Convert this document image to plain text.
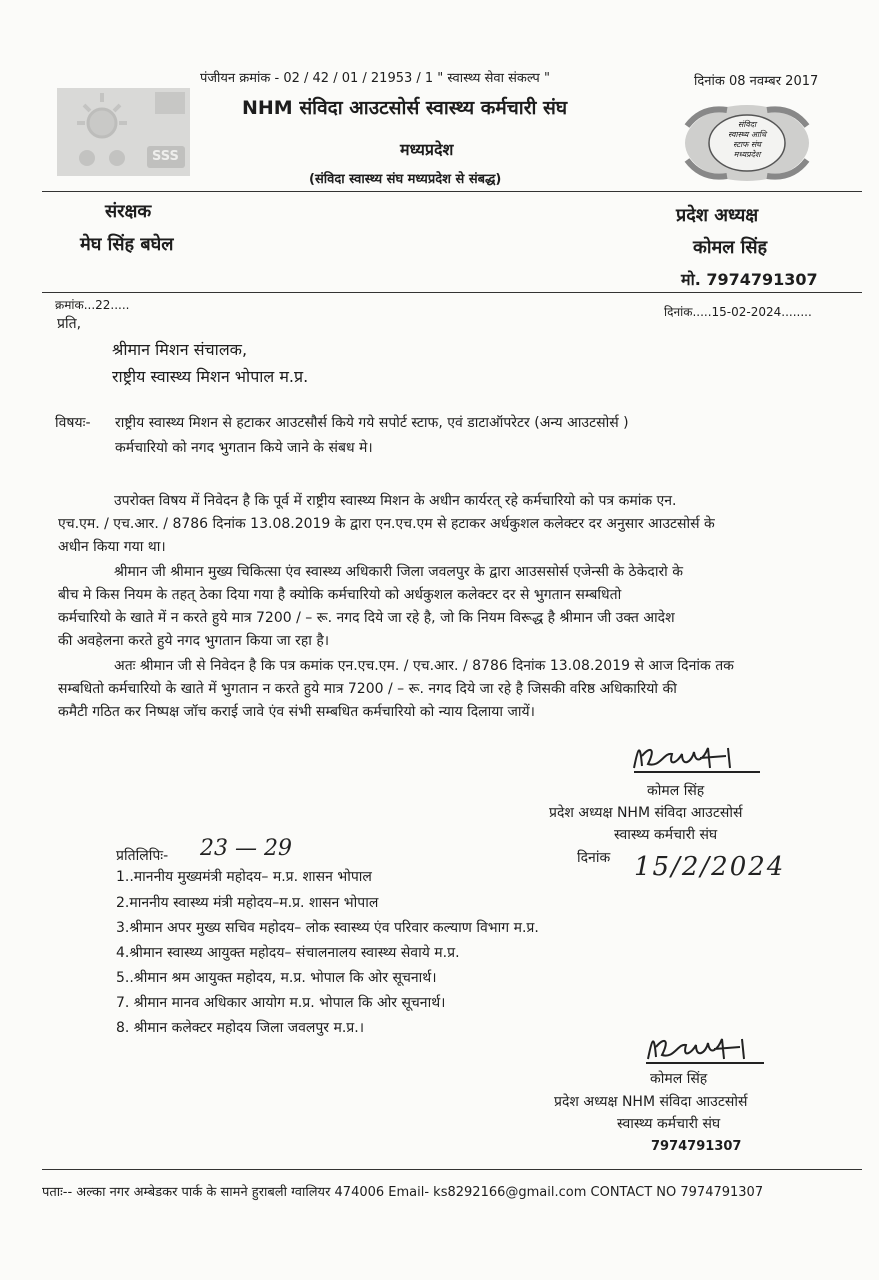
पंजीयन क्रमांक - 02 / 42 / 01 / 21953 / 1 " स्वास्थ्य सेवा संकल्प "	दिनांक 08 नवम्बर 2017
SSS
NHM संविदा आउटसोर्स स्वास्थ्य कर्मचारी संघ
मध्यप्रदेश
(संविदा स्वास्थ्य संघ मध्यप्रदेश से संबद्ध)
संविदा
स्वास्थ्य आधि
स्टाफ संघ
मध्यप्रदेश
संरक्षक
मेघ सिंह बघेल
प्रदेश अध्यक्ष
कोमल सिंह
मो. 7974791307
क्रमांक...22.....	दिनांक.....15-02-2024........
प्रति,
श्रीमान मिशन संचालक,
राष्ट्रीय स्वास्थ्य मिशन भोपाल म.प्र.
विषयः- राष्ट्रीय स्वास्थ्य मिशन से हटाकर आउटसौर्स किये गये सपोर्ट स्टाफ, एवं डाटाऑपरेटर (अन्य आउटसोर्स )
कर्मचारियो को नगद भुगतान किये जाने के संबध मे।
उपरोक्त विषय में निवेदन है कि पूर्व में राष्ट्रीय स्वास्थ्य मिशन के अधीन कार्यरत् रहे कर्मचारियो को पत्र कमांक एन.
एच.एम. / एच.आर. / 8786 दिनांक 13.08.2019 के द्वारा एन.एच.एम से हटाकर अर्धकुशल कलेक्टर दर अनुसार आउटसोर्स के
अधीन किया गया था।
श्रीमान जी श्रीमान मुख्य चिकित्सा एंव स्वास्थ्य अधिकारी जिला जवलपुर के द्वारा आउससोर्स एजेन्सी के ठेकेदारो के
बीच मे किस नियम के तहत् ठेका दिया गया है क्योकि कर्मचारियो को अर्धकुशल कलेक्टर दर से भुगतान सम्बधितो
कर्मचारियो के खाते में न करते हुये मात्र 7200 / – रू. नगद दिये जा रहे है, जो कि नियम विरूद्ध है श्रीमान जी उक्त आदेश
की अवहेलना करते हुये नगद भुगतान किया जा रहा है।
अतः श्रीमान जी से निवेदन है कि पत्र कमांक एन.एच.एम. / एच.आर. / 8786 दिनांक 13.08.2019 से आज दिनांक तक
सम्बधितो कर्मचारियो के खाते में भुगतान न करते हुये मात्र 7200 / – रू. नगद दिये जा रहे है जिसकी वरिष्ठ अधिकारियो की
कमैटी गठित कर निष्पक्ष जॉच कराई जावे एंव संभी सम्बधित कर्मचारियो को न्याय दिलाया जायें।
कोमल सिंह
प्रदेश अध्यक्ष NHM संविदा आउटसोर्स
स्वास्थ्य कर्मचारी संघ
दिनांक 15/2/2024
प्रतिलिपिः- 23 — 29
1..माननीय मुख्यमंत्री महोदय– म.प्र. शासन भोपाल
2.माननीय स्वास्थ्य मंत्री महोदय–म.प्र. शासन भोपाल
3.श्रीमान अपर मुख्य सचिव महोदय– लोक स्वास्थ्य एंव परिवार कल्याण विभाग म.प्र.
4.श्रीमान स्वास्थ्य आयुक्त महोदय– संचालनालय स्वास्थ्य सेवाये म.प्र.
5..श्रीमान श्रम आयुक्त महोदय, म.प्र. भोपाल कि ओर सूचनार्थ।
7. श्रीमान मानव अधिकार आयोग म.प्र. भोपाल कि ओर सूचनार्थ।
8. श्रीमान कलेक्टर महोदय जिला जवलपुर म.प्र.।
कोमल सिंह
प्रदेश अध्यक्ष NHM संविदा आउटसोर्स
स्वास्थ्य कर्मचारी संघ
7974791307
पताः-- अल्का नगर अम्बेडकर पार्क के सामने हुराबली ग्वालियर 474006 Email- ks8292166@gmail.com CONTACT NO 7974791307
